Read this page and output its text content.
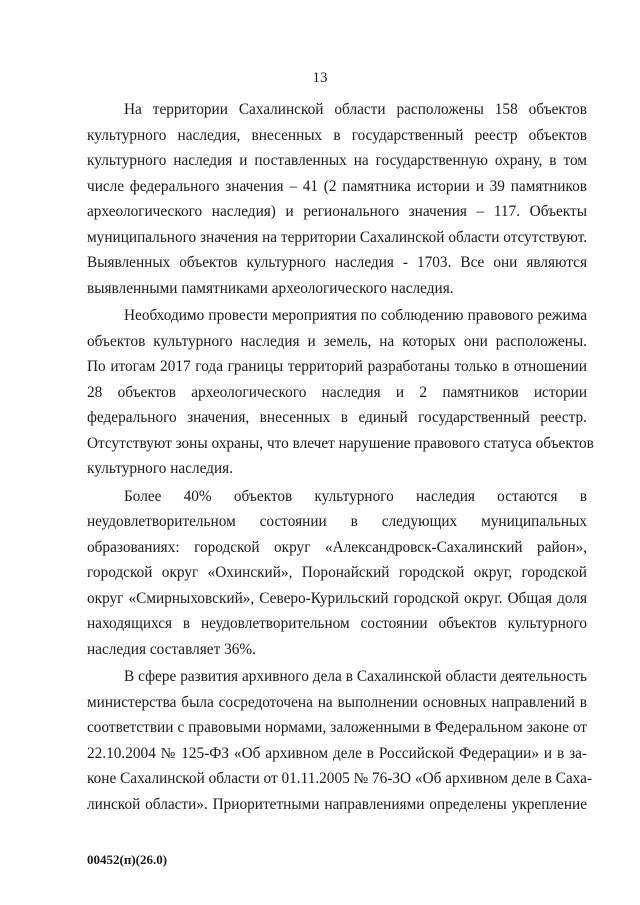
13
На территории Сахалинской области расположены 158 объектов
культурного наследия, внесенных в государственный реестр объектов
культурного наследия и поставленных на государственную охрану, в том
числе федерального значения – 41 (2 памятника истории и 39 памятников
археологического наследия) и регионального значения – 117. Объекты
муниципального значения на территории Сахалинской области отсутствуют.
Выявленных объектов культурного наследия - 1703. Все они являются
выявленными памятниками археологического наследия.
Необходимо провести мероприятия по соблюдению правового режима
объектов культурного наследия и земель, на которых они расположены.
По итогам 2017 года границы территорий разработаны только в отношении
28 объектов археологического наследия и 2 памятников истории
федерального значения, внесенных в единый государственный реестр.
Отсутствуют зоны охраны, что влечет нарушение правового статуса объектов
культурного наследия.
Более 40% объектов культурного наследия остаются в
неудовлетворительном состоянии в следующих муниципальных
образованиях: городской округ «Александровск-Сахалинский район»,
городской округ «Охинский», Поронайский городской округ, городской
округ «Смирныховский», Северо-Курильский городской округ. Общая доля
находящихся в неудовлетворительном состоянии объектов культурного
наследия составляет 36%.
В сфере развития архивного дела в Сахалинской области деятельность
министерства была сосредоточена на выполнении основных направлений в
соответствии с правовыми нормами, заложенными в Федеральном законе от
22.10.2004 № 125-ФЗ «Об архивном деле в Российской Федерации» и в за-
коне Сахалинской области от 01.11.2005 № 76-ЗО «Об архивном деле в Саха-
линской области». Приоритетными направлениями определены укрепление
00452(п)(26.0)
